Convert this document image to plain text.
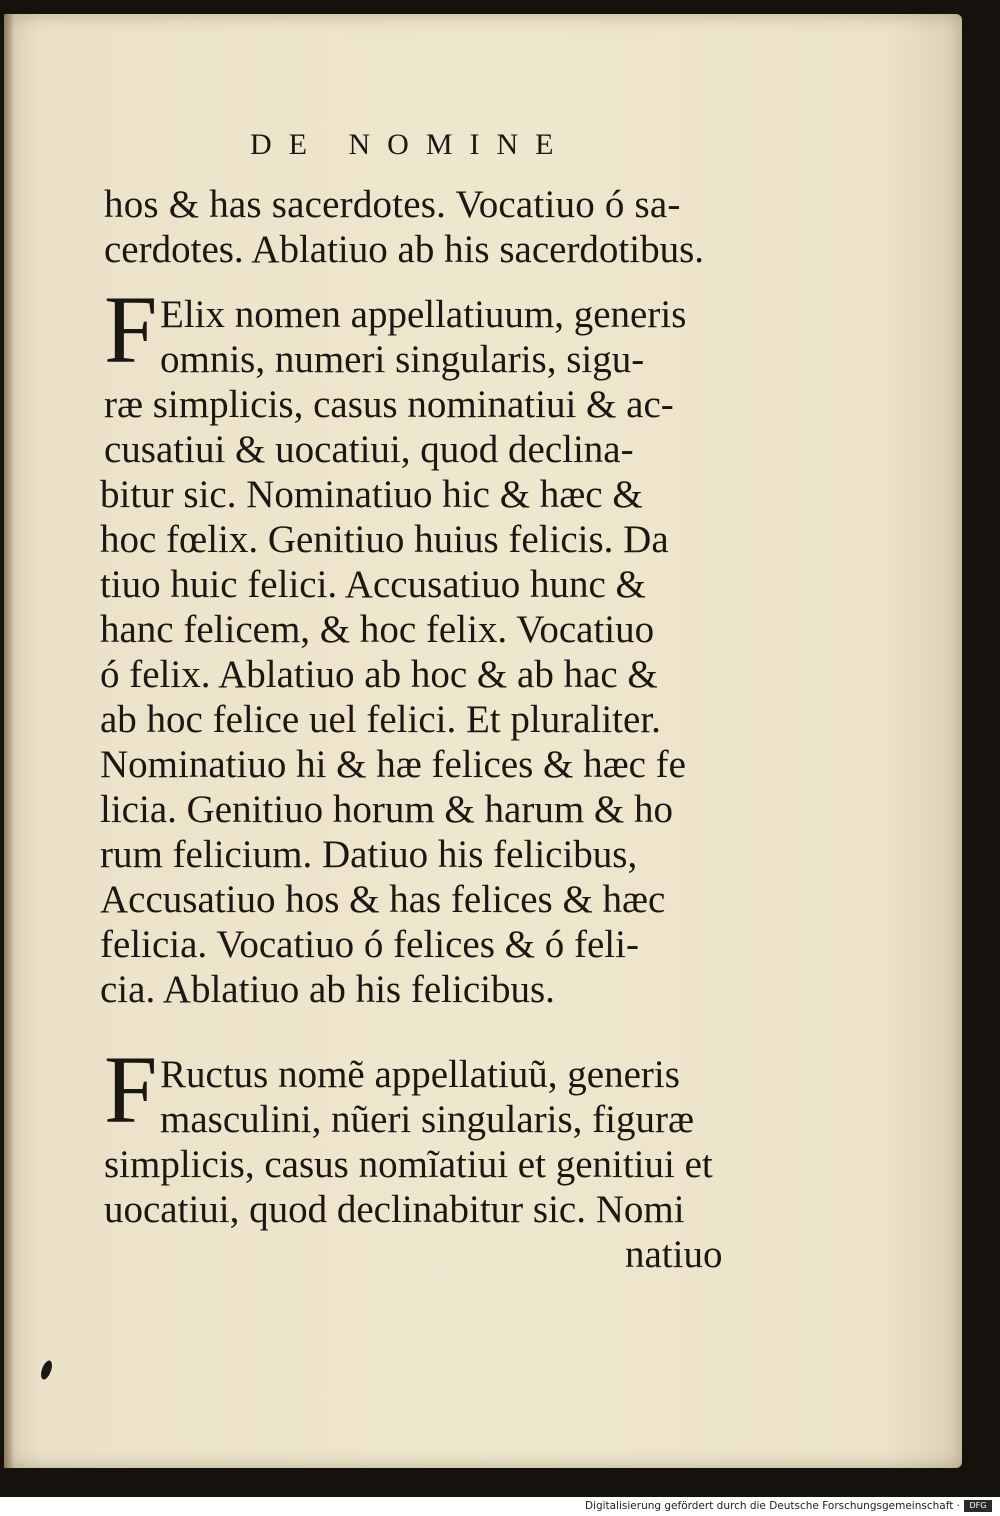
DE NOMINE
hos & has sacerdotes. Vocatiuo ó sa-
cerdotes. Ablatiuo ab his sacerdotibus.
F Elix nomen appellatiuum, generis
omnis, numeri singularis, sigu-
ræ simplicis, casus nominatiui & ac-
cusatiui & uocatiui, quod declina-
bitur sic. Nominatiuo hic & hæc &
hoc fœlix. Genitiuo huius felicis. Da
tiuo huic felici. Accusatiuo hunc &
hanc felicem, & hoc felix. Vocatiuo
ó felix. Ablatiuo ab hoc & ab hac &
ab hoc felice uel felici. Et pluraliter.
Nominatiuo hi & hæ felices & hæc fe
licia. Genitiuo horum & harum & ho
rum felicium. Datiuo his felicibus,
Accusatiuo hos & has felices & hæc
felicia. Vocatiuo ó felices & ó feli-
cia. Ablatiuo ab his felicibus.
F Ructus nomẽ appellatiuũ, generis
masculini, nũeri singularis, figuræ
simplicis, casus nomĩatiui et genitiui et
uocatiui, quod declinabitur sic. Nomi
natiuo
Digitalisierung gefördert durch die Deutsche Forschungsgemeinschaft ·	DFG
